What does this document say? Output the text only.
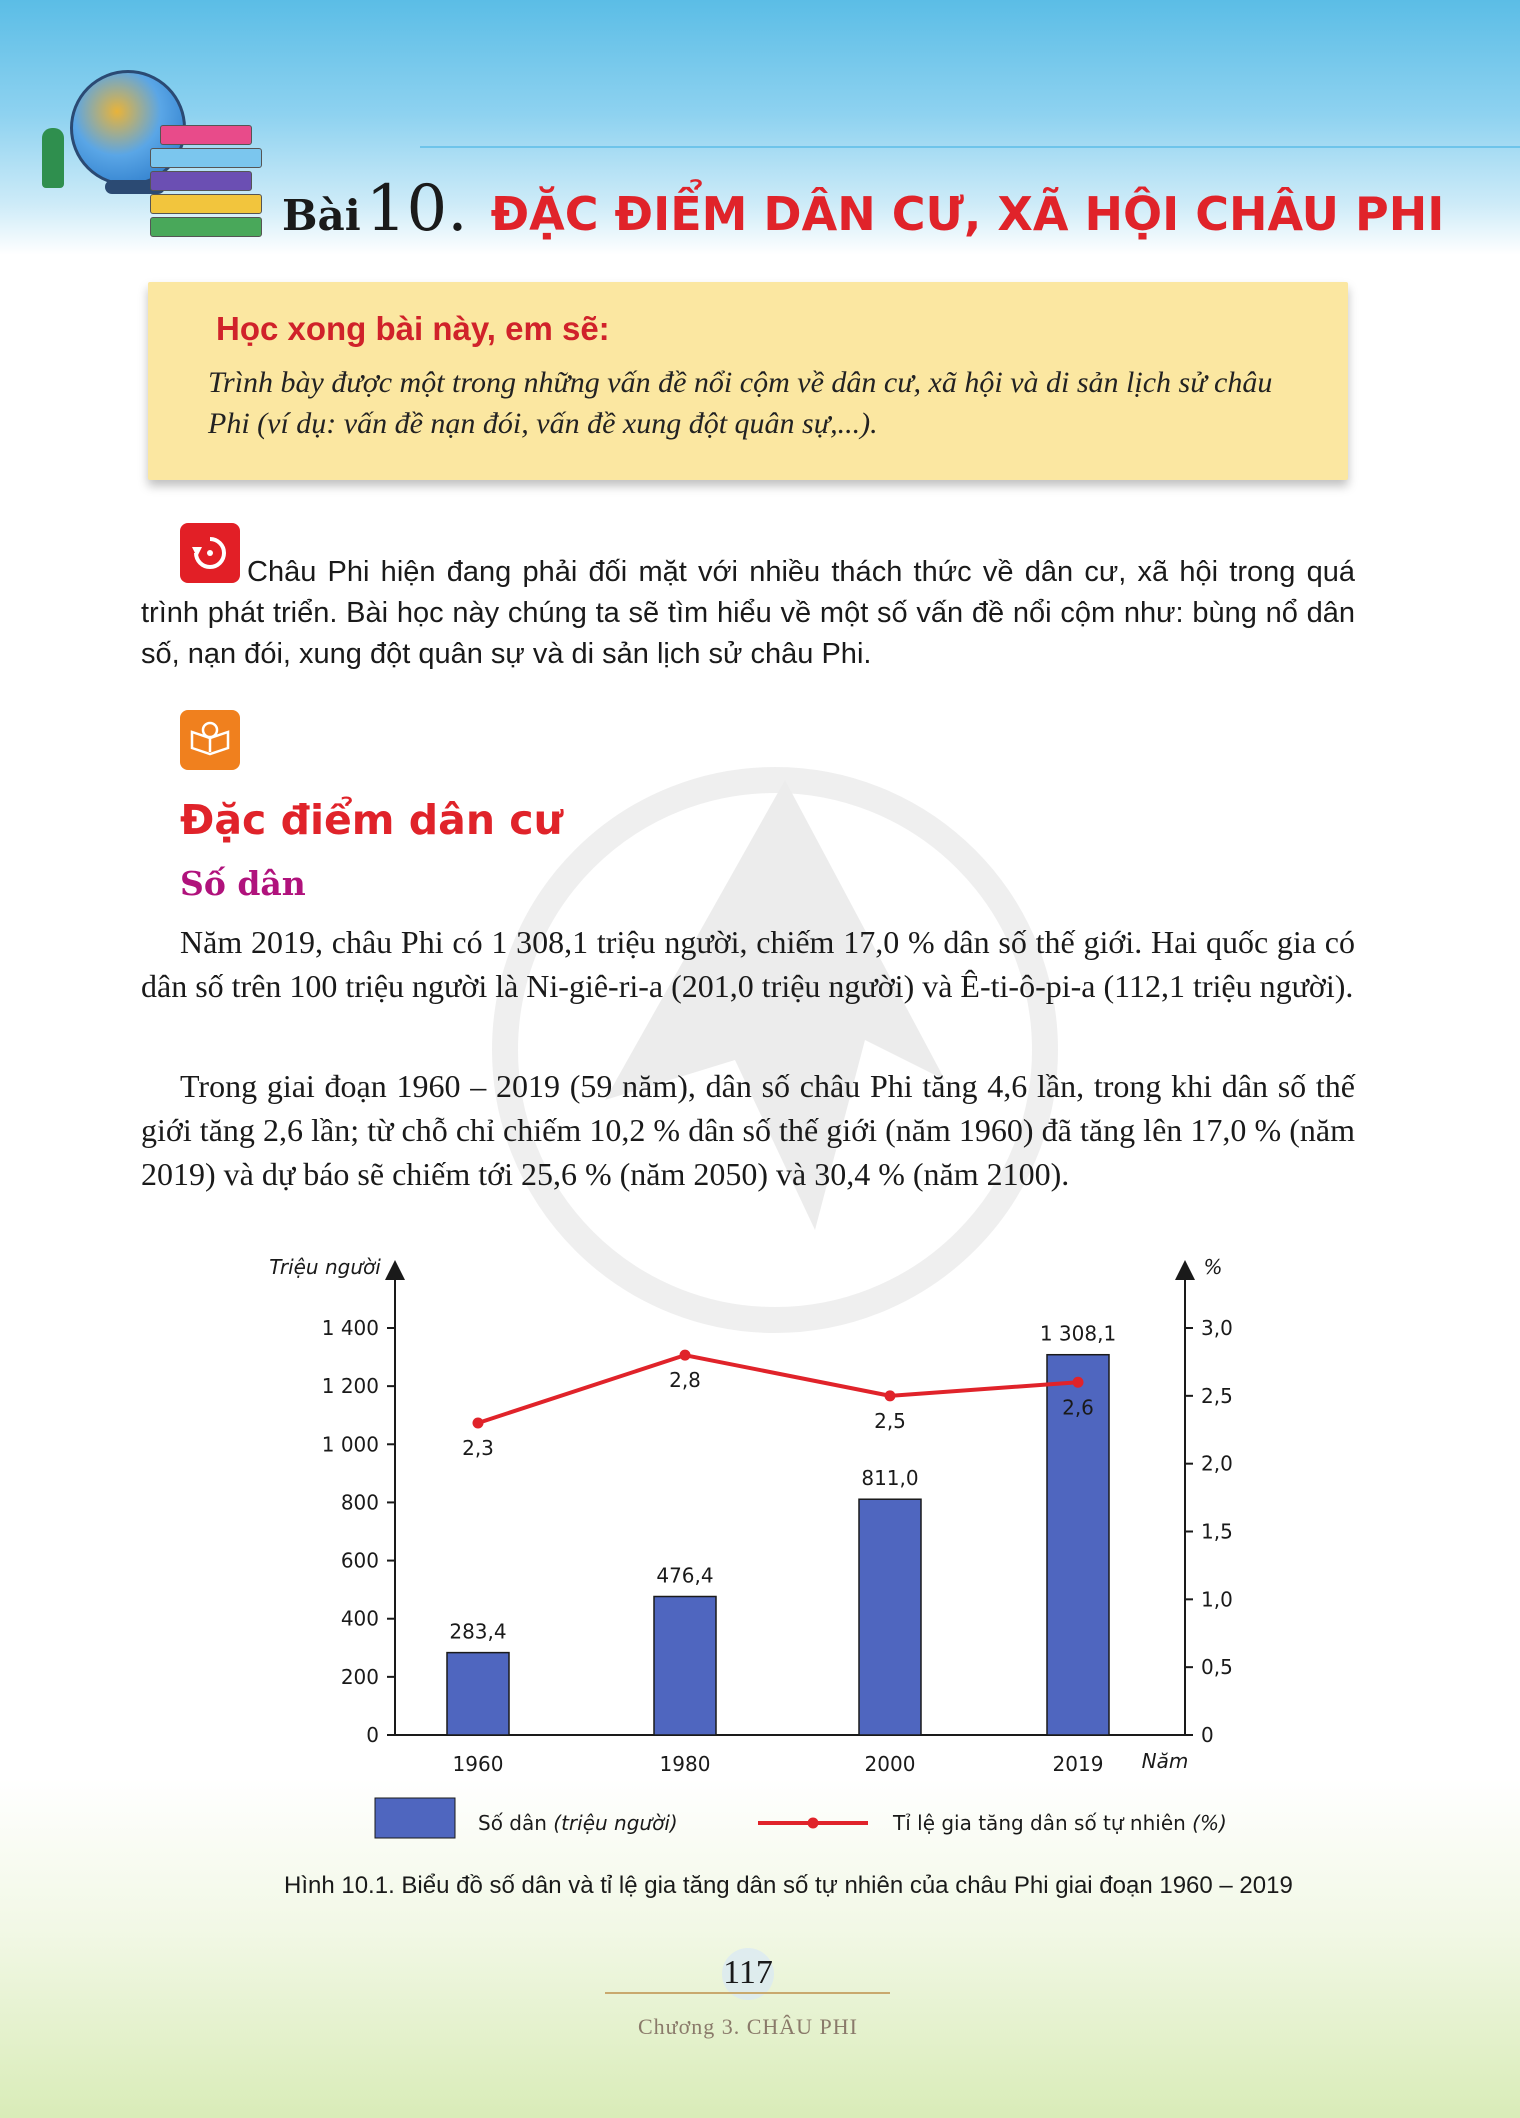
Bài 10. ĐẶC ĐIỂM DÂN CƯ, XÃ HỘI CHÂU PHI
Học xong bài này, em sẽ:
Trình bày được một trong những vấn đề nổi cộm về dân cư, xã hội và di sản lịch sử châu Phi (ví dụ: vấn đề nạn đói, vấn đề xung đột quân sự,...).
Châu Phi hiện đang phải đối mặt với nhiều thách thức về dân cư, xã hội trong quá trình phát triển. Bài học này chúng ta sẽ tìm hiểu về một số vấn đề nổi cộm như: bùng nổ dân số, nạn đói, xung đột quân sự và di sản lịch sử châu Phi.
Đặc điểm dân cư
Số dân
Năm 2019, châu Phi có 1 308,1 triệu người, chiếm 17,0 % dân số thế giới. Hai quốc gia có dân số trên 100 triệu người là Ni-giê-ri-a (201,0 triệu người) và Ê-ti-ô-pi-a (112,1 triệu người).
Trong giai đoạn 1960 – 2019 (59 năm), dân số châu Phi tăng 4,6 lần, trong khi dân số thế giới tăng 2,6 lần; từ chỗ chỉ chiếm 10,2 % dân số thế giới (năm 1960) đã tăng lên 17,0 % (năm 2019) và dự báo sẽ chiếm tới 25,6 % (năm 2050) và 30,4 % (năm 2100).
Triệu người	%
Năm
0
200
400
600
800
1 000
1 200
1 400
0
0,5
1,0
1,5
2,0
2,5
3,0
1960	1980	2000	2019
283,4
476,4
811,0
1 308,1
2,3
2,8
2,5
2,6
Số dân (triệu người)	Tỉ lệ gia tăng dân số tự nhiên (%)
Hình 10.1. Biểu đồ số dân và tỉ lệ gia tăng dân số tự nhiên của châu Phi giai đoạn 1960 – 2019
117
Chương 3. CHÂU PHI
